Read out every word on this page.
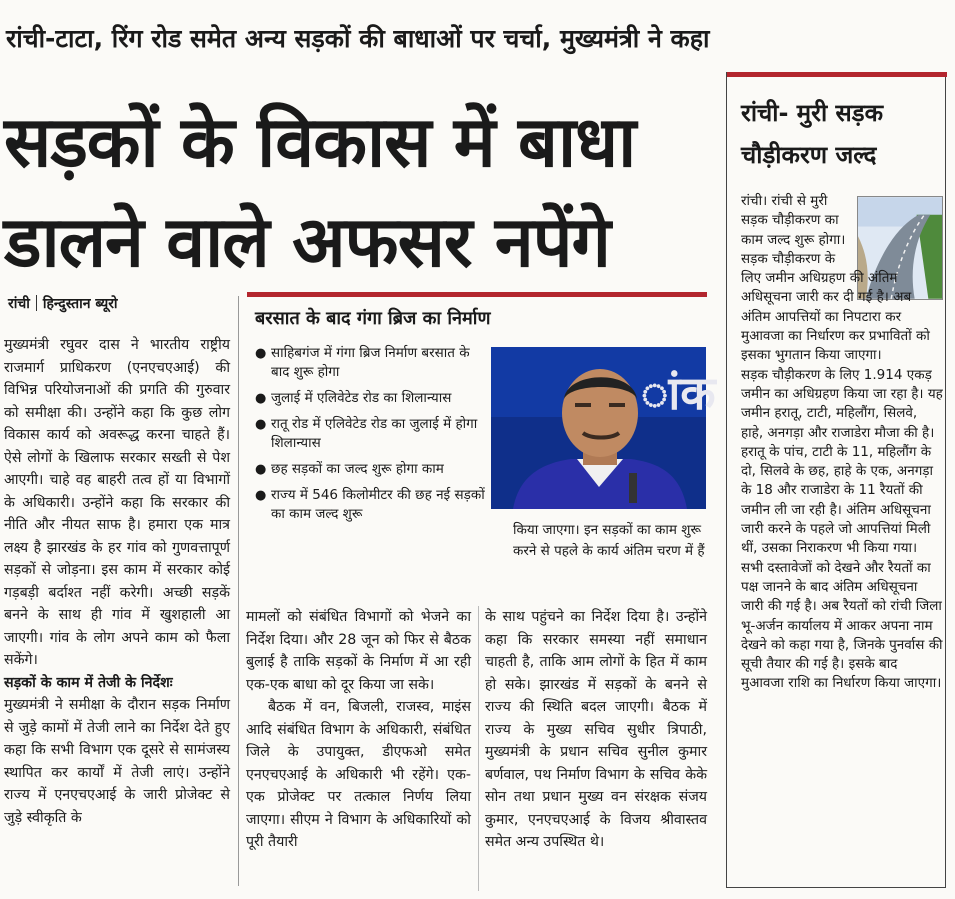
रांची-टाटा, रिंग रोड समेत अन्य सड़कों की बाधाओं पर चर्चा, मुख्यमंत्री ने कहा
सड़कों के विकास में बाधा
डालने वाले अफसर नपेंगे
रांची हिन्दुस्तान ब्यूरो

मुख्यमंत्री रघुवर दास ने भारतीय राष्ट्रीय राजमार्ग प्राधिकरण (एनएचएआई) की विभिन्न परियोजनाओं की प्रगति की गुरुवार को समीक्षा की। उन्होंने कहा कि कुछ लोग विकास कार्य को अवरूद्ध करना चाहते हैं। ऐसे लोगों के खिलाफ सरकार सख्ती से पेश आएगी। चाहे वह बाहरी तत्व हों या विभागों के अधिकारी। उन्होंने कहा कि सरकार की नीति और नीयत साफ है। हमारा एक मात्र लक्ष्य है झारखंड के हर गांव को गुणवत्तापूर्ण सड़कों से जोड़ना। इस काम में सरकार कोई गड़बड़ी बर्दाश्त नहीं करेगी। अच्छी सड़कें बनने के साथ ही गांव में खुशहाली आ जाएगी। गांव के लोग अपने काम को फैला सकेंगे।

सड़कों के काम में तेजी के निर्देशः

मुख्यमंत्री ने समीक्षा के दौरान सड़क निर्माण से जुड़े कामों में तेजी लाने का निर्देश देते हुए कहा कि सभी विभाग एक दूसरे से सामंजस्य स्थापित कर कार्यों में तेजी लाएं। उन्होंने राज्य में एनएचएआई के जारी प्रोजेक्ट से जुड़े स्वीकृति के

बरसात के बाद गंगा ब्रिज का निर्माण
● साहिबगंज में गंगा ब्रिज निर्माण बरसात के बाद शुरू होगा
● जुलाई में एलिवेटेड रोड का शिलान्यास
● रातू रोड में एलिवेटेड रोड का जुलाई में होगा शिलान्यास
● छह सड़कों का जल्द शुरू होगा काम
● राज्य में 546 किलोमीटर की छह नई सड़कों का काम जल्द शुरू
ांक
किया जाएगा। इन सड़कों का काम शुरू करने से पहले के कार्य अंतिम चरण में हैं

मामलों को संबंधित विभागों को भेजने का निर्देश दिया। और 28 जून को फिर से बैठक बुलाई है ताकि सड़कों के निर्माण में आ रही एक-एक बाधा को दूर किया जा सके।

बैठक में वन, बिजली, राजस्व, माइंस आदि संबंधित विभाग के अधिकारी, संबंधित जिले के उपायुक्त, डीएफओ समेत एनएचएआई के अधिकारी भी रहेंगे। एक-एक प्रोजेक्ट पर तत्काल निर्णय लिया जाएगा। सीएम ने विभाग के अधिकारियों को पूरी तैयारी

के साथ पहुंचने का निर्देश दिया है। उन्होंने कहा कि सरकार समस्या नहीं समाधान चाहती है, ताकि आम लोगों के हित में काम हो सके। झारखंड में सड़कों के बनने से राज्य की स्थिति बदल जाएगी। बैठक में राज्य के मुख्य सचिव सुधीर त्रिपाठी, मुख्यमंत्री के प्रधान सचिव सुनील कुमार बर्णवाल, पथ निर्माण विभाग के सचिव केके सोन तथा प्रधान मुख्य वन संरक्षक संजय कुमार, एनएचएआई के विजय श्रीवास्तव समेत अन्य उपस्थित थे।

रांची- मुरी सड़क
चौड़ीकरण जल्द
रांची। रांची से मुरी सड़क चौड़ीकरण का काम जल्द शुरू होगा। सड़क चौड़ीकरण के

लिए जमीन अधिग्रहण की अंतिम अधिसूचना जारी कर दी गई है। अब अंतिम आपत्तियों का निपटारा कर मुआवजा का निर्धारण कर प्रभावितों को इसका भुगतान किया जाएगा।

सड़क चौड़ीकरण के लिए 1.914 एकड़ जमीन का अधिग्रहण किया जा रहा है। यह जमीन हरातू, टाटी, महिलौंग, सिलवे, हाहे, अनगड़ा और राजाडेरा मौजा की है। हरातू के पांच, टाटी के 11, महिलौंग के दो, सिलवे के छह, हाहे के एक, अनगड़ा के 18 और राजाडेरा के 11 रैयतों की जमीन ली जा रही है। अंतिम अधिसूचना जारी करने के पहले जो आपत्तियां मिली थीं, उसका निराकरण भी किया गया। सभी दस्तावेजों को देखने और रैयतों का पक्ष जानने के बाद अंतिम अधिसूचना जारी की गई है। अब रैयतों को रांची जिला भू-अर्जन कार्यालय में आकर अपना नाम देखने को कहा गया है, जिनके पुनर्वास की सूची तैयार की गई है। इसके बाद मुआवजा राशि का निर्धारण किया जाएगा।
